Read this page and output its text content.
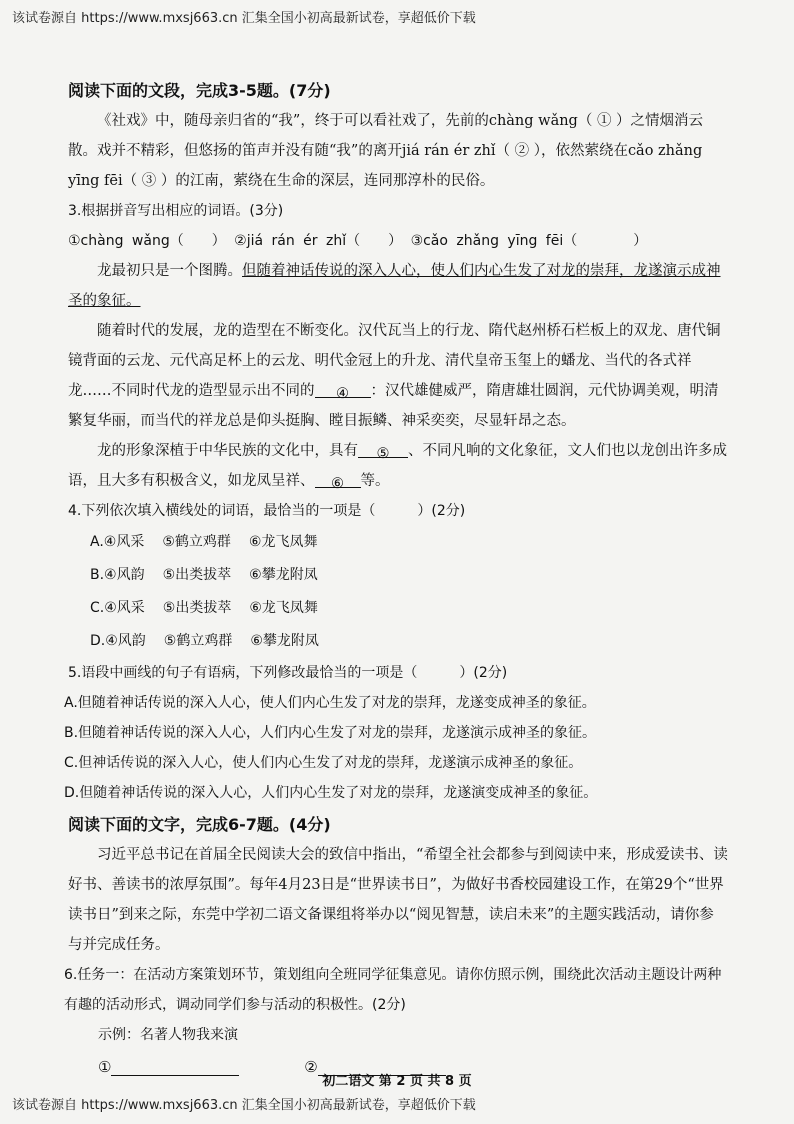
该试卷源自 https://www.mxsj663.cn 汇集全国小初高最新试卷，享超低价下载
阅读下面的文段，完成3-5题。(7分)

《社戏》中，随母亲归省的“我”，终于可以看社戏了，先前的chàng wǎng（ ① ）之情烟消云散。戏并不精彩，但悠扬的笛声并没有随“我”的离开jiá rán ér zhǐ（ ② ），依然萦绕在cǎo zhǎng yīng fēi（ ③ ）的江南，萦绕在生命的深层，连同那淳朴的民俗。

3.根据拼音写出相应的词语。(3分)

①chàng wǎng（　　） ②jiá rán ér zhǐ（　　） ③cǎo zhǎng yīng fēi（　　　　）

龙最初只是一个图腾。但随着神话传说的深入人心，使人们内心生发了对龙的崇拜，龙遂演示成神圣的象征。

随着时代的发展，龙的造型在不断变化。汉代瓦当上的行龙、隋代赵州桥石栏板上的双龙、唐代铜镜背面的云龙、元代高足杯上的云龙、明代金冠上的升龙、清代皇帝玉玺上的蟠龙、当代的各式祥龙……不同时代龙的造型显示出不同的 ④ ：汉代雄健威严，隋唐雄壮圆润，元代协调美观，明清繁复华丽，而当代的祥龙总是仰头挺胸、瞠目振鳞、神采奕奕，尽显轩昂之态。

龙的形象深植于中华民族的文化中，具有 ⑤ 、不同凡响的文化象征，文人们也以龙创出许多成语，且大多有积极含义，如龙凤呈祥、 ⑥ 等。

4.下列依次填入横线处的词语，最恰当的一项是（　　　）(2分)

A.④风采 ⑤鹤立鸡群 ⑥龙飞凤舞

B.④风韵 ⑤出类拔萃 ⑥攀龙附凤

C.④风采 ⑤出类拔萃 ⑥龙飞凤舞

D.④风韵 ⑤鹤立鸡群 ⑥攀龙附凤

5.语段中画线的句子有语病，下列修改最恰当的一项是（　　　）(2分)

A.但随着神话传说的深入人心，使人们内心生发了对龙的崇拜，龙遂变成神圣的象征。

B.但随着神话传说的深入人心，人们内心生发了对龙的崇拜，龙遂演示成神圣的象征。

C.但神话传说的深入人心，使人们内心生发了对龙的崇拜，龙遂演示成神圣的象征。

D.但随着神话传说的深入人心，人们内心生发了对龙的崇拜，龙遂演变成神圣的象征。

阅读下面的文字，完成6-7题。(4分)

习近平总书记在首届全民阅读大会的致信中指出，“希望全社会都参与到阅读中来，形成爱读书、读好书、善读书的浓厚氛围”。每年4月23日是“世界读书日”，为做好书香校园建设工作，在第29个“世界读书日”到来之际，东莞中学初二语文备课组将举办以“阅见智慧，读启未来”的主题实践活动，请你参与并完成任务。

6.任务一：在活动方案策划环节，策划组向全班同学征集意见。请你仿照示例，围绕此次活动主题设计两种有趣的活动形式，调动同学们参与活动的积极性。(2分)

示例：名著人物我来演

①	②
初二语文 第 2 页 共 8 页
该试卷源自 https://www.mxsj663.cn 汇集全国小初高最新试卷，享超低价下载
